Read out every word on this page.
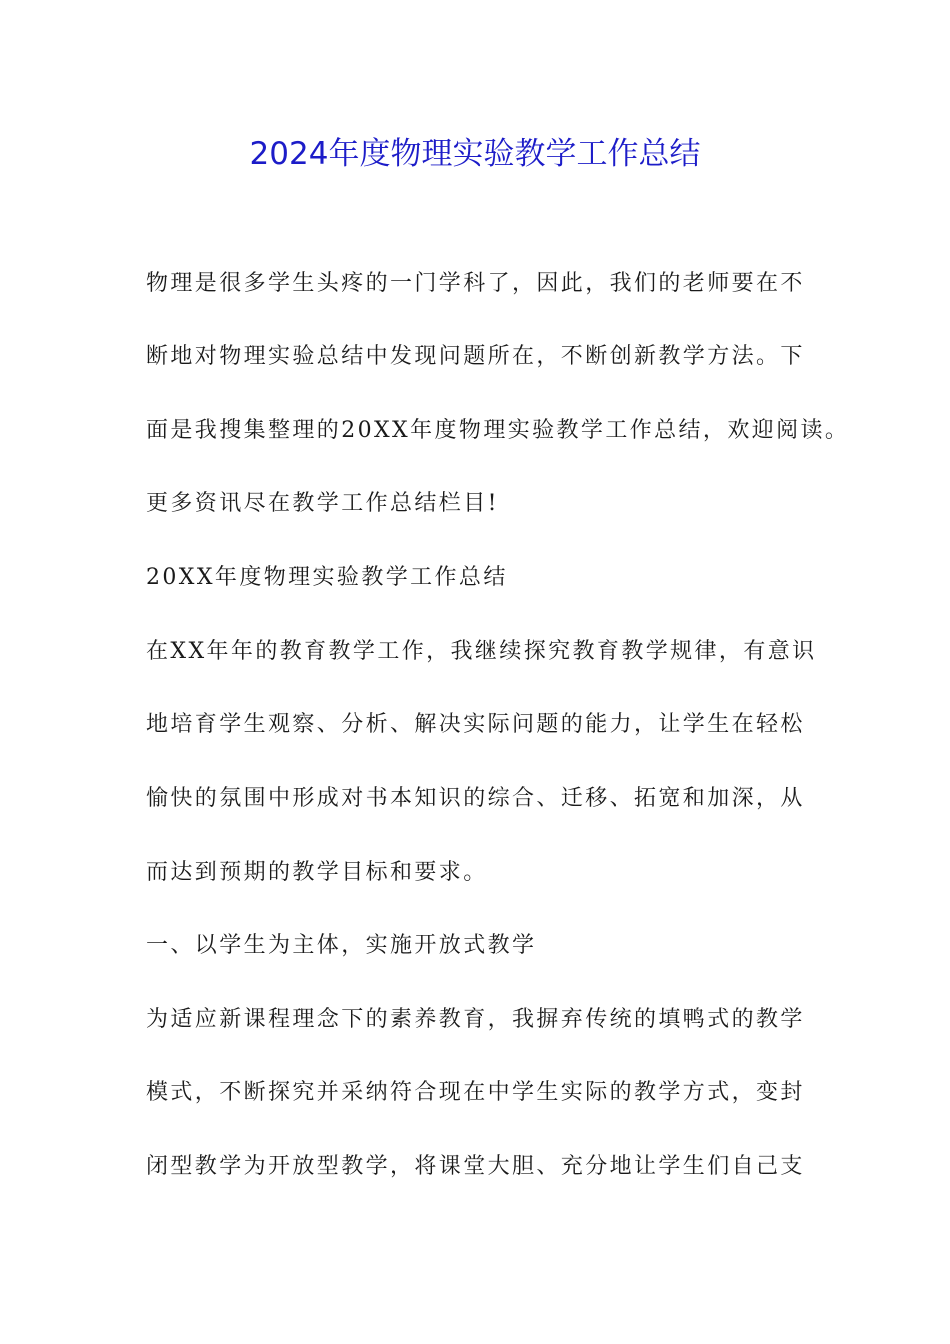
2024年度物理实验教学工作总结

物理是很多学生头疼的一门学科了，因此，我们的老师要在不

断地对物理实验总结中发现问题所在，不断创新教学方法。下

面是我搜集整理的20XX年度物理实验教学工作总结，欢迎阅读。

更多资讯尽在教学工作总结栏目!

20XX年度物理实验教学工作总结

在XX年年的教育教学工作，我继续探究教育教学规律，有意识

地培育学生观察、分析、解决实际问题的能力，让学生在轻松

愉快的氛围中形成对书本知识的综合、迁移、拓宽和加深，从

而达到预期的教学目标和要求。

一、以学生为主体，实施开放式教学

为适应新课程理念下的素养教育，我摒弃传统的填鸭式的教学

模式，不断探究并采纳符合现在中学生实际的教学方式，变封

闭型教学为开放型教学，将课堂大胆、充分地让学生们自己支
